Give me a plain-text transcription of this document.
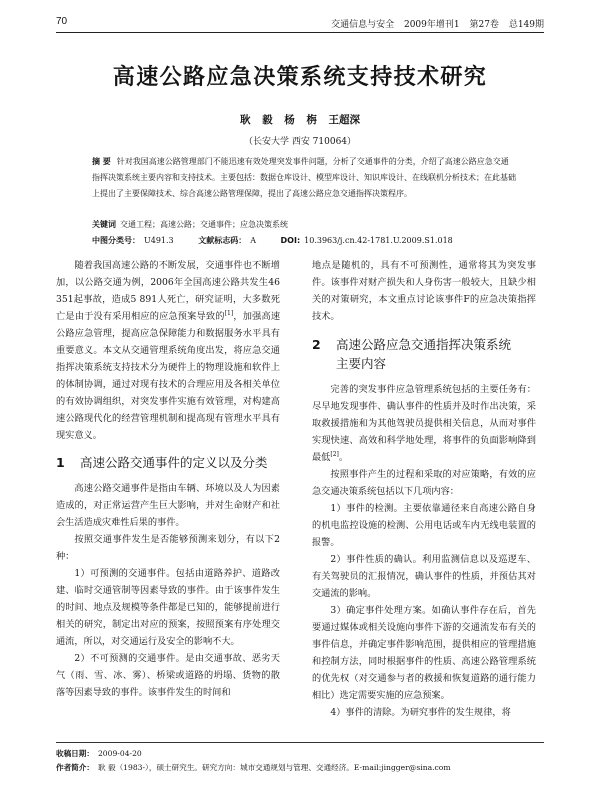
70	交通信息与安全 2009年增刊1 第27卷 总149期
高速公路应急决策系统支持技术研究
耿 毅 杨 栴 王超深
（长安大学 西安 710064）
摘 要 针对我国高速公路管理部门不能迅速有效处理突发事件问题，分析了交通事件的分类，介绍了高速公路应急交通指挥决策系统主要内容和支持技术。主要包括：数据仓库设计、模型库设计、知识库设计、在线联机分析技术；在此基础上提出了主要保障技术、综合高速公路管理保障，提出了高速公路应急交通指挥决策程序。
关键词 交通工程；高速公路；交通事件；应急决策系统
中图分类号： U491.3	文献标志码： A	DOI: 10.3963/j.cn.42-1781.U.2009.S1.018

随着我国高速公路的不断发展，交通事件也不断增加，以公路交通为例，2006年全国高速公路共发生46 351起事故，造成5 891人死亡，研究证明，大多数死亡是由于没有采用相应的应急预案导致的[1]，加强高速公路应急管理，提高应急保障能力和数据服务水平具有重要意义。本文从交通管理系统角度出发，将应急交通指挥决策系统支持技术分为硬件上的物理设施和软件上的体制协调，通过对现有技术的合理应用及各相关单位的有效协调组织，对突发事件实施有效管理，对构建高速公路现代化的经营管理机制和提高现有管理水平具有现实意义。

1	高速公路交通事件的定义以及分类

高速公路交通事件是指由车辆、环境以及人为因素造成的，对正常运营产生巨大影响，并对生命财产和社会生活造成灾难性后果的事件。

按照交通事件发生是否能够预测来划分，有以下2种：

1）可预测的交通事件。包括由道路养护、道路改建、临时交通管制等因素导致的事件。由于该事件发生的时间、地点及规模等条件都是已知的，能够提前进行相关的研究，制定出对应的预案，按照预案有序处理交通流，所以，对交通运行及安全的影响不大。

2）不可预测的交通事件。是由交通事故、恶劣天气（雨、雪、冰、雾）、桥梁或道路的坍塌、货物的散落等因素导致的事件。该事件发生的时间和

地点是随机的，具有不可预测性，通常将其为突发事件。该事件对财产损失和人身伤害一般较大，且缺少相关的对策研究，本文重点讨论该事件F的应急决策指挥技术。

2	高速公路应急交通指挥决策系统
主要内容

完善的突发事件应急管理系统包括的主要任务有：尽早地发现事件、确认事件的性质并及时作出决策，采取救援措施和为其他驾驶员提供相关信息，从而对事件实现快速、高效和科学地处理，将事件的负面影响降到最低[2]。

按照事件产生的过程和采取的对应策略，有效的应急交通决策系统包括以下几项内容：

1）事件的检测。主要依靠通径来自高速公路自身的机电监控设施的检测、公用电话或车内无线电装置的报警。

2）事件性质的确认。利用监测信息以及巡逻车、有关驾驶员的汇报情况，确认事件的性质，并预估其对交通流的影响。

3）确定事件处理方案。如确认事件存在后，首先要通过媒体或相关设施向事件下游的交通流发布有关的事件信息，并确定事件影响范围，提供相应的管理措施和控制方法，同时根据事件的性质、高速公路管理系统的优先权（对交通参与者的救援和恢复道路的通行能力相比）选定需要实施的应急预案。

4）事件的清除。为研究事件的发生规律，将

收稿日期： 2009-04-20
作者简介： 耿 毅（1983-），硕士研究生。研究方向：城市交通规划与管理、交通经济。E-mail:jingger@sina.com
